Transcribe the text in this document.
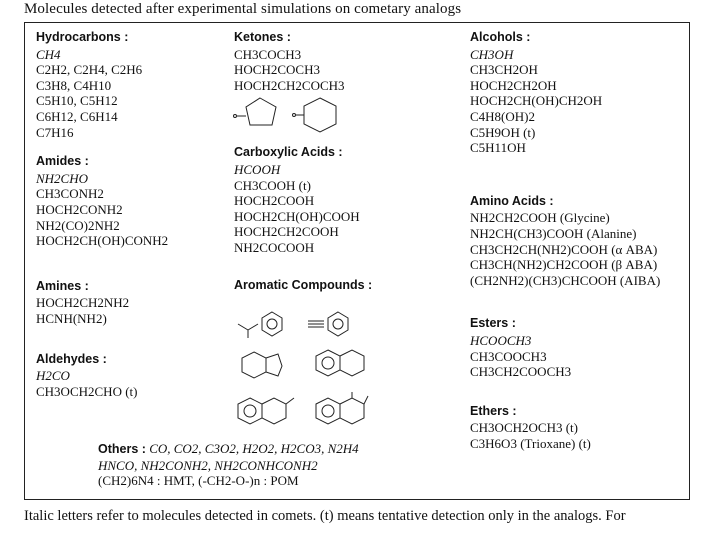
Molecules detected after experimental simulations on cometary analogs
Hydrocarbons :
CH4
C2H2, C2H4, C2H6
C3H8, C4H10
C5H10, C5H12
C6H12, C6H14
C7H16
Amides :
NH2CHO
CH3CONH2
HOCH2CONH2
NH2(CO)2NH2
HOCH2CH(OH)CONH2
Amines :
HOCH2CH2NH2
HCNH(NH2)
Aldehydes :
H2CO
CH3OCH2CHO (t)
Ketones :
CH3COCH3
HOCH2COCH3
HOCH2CH2COCH3
Carboxylic Acids :
HCOOH
CH3COOH (t)
HOCH2COOH
HOCH2CH(OH)COOH
HOCH2CH2COOH
NH2COCOOH
Aromatic Compounds :
Alcohols :
CH3OH
CH3CH2OH
HOCH2CH2OH
HOCH2CH(OH)CH2OH
C4H8(OH)2
C5H9OH (t)
C5H11OH
Amino Acids :
NH2CH2COOH (Glycine)
NH2CH(CH3)COOH (Alanine)
CH3CH2CH(NH2)COOH (α ABA)
CH3CH(NH2)CH2COOH (β ABA)
(CH2NH2)(CH3)CHCOOH (AIBA)
Esters :
HCOOCH3
CH3COOCH3
CH3CH2COOCH3
Ethers :
CH3OCH2OCH3 (t)
C3H6O3 (Trioxane) (t)
Others : CO, CO2, C3O2, H2O2, H2CO3, N2H4
HNCO, NH2CONH2, NH2CONHCONH2
(CH2)6N4 : HMT, (-CH2-O-)n : POM
Italic letters refer to molecules detected in comets. (t) means tentative detection only in the analogs. For
